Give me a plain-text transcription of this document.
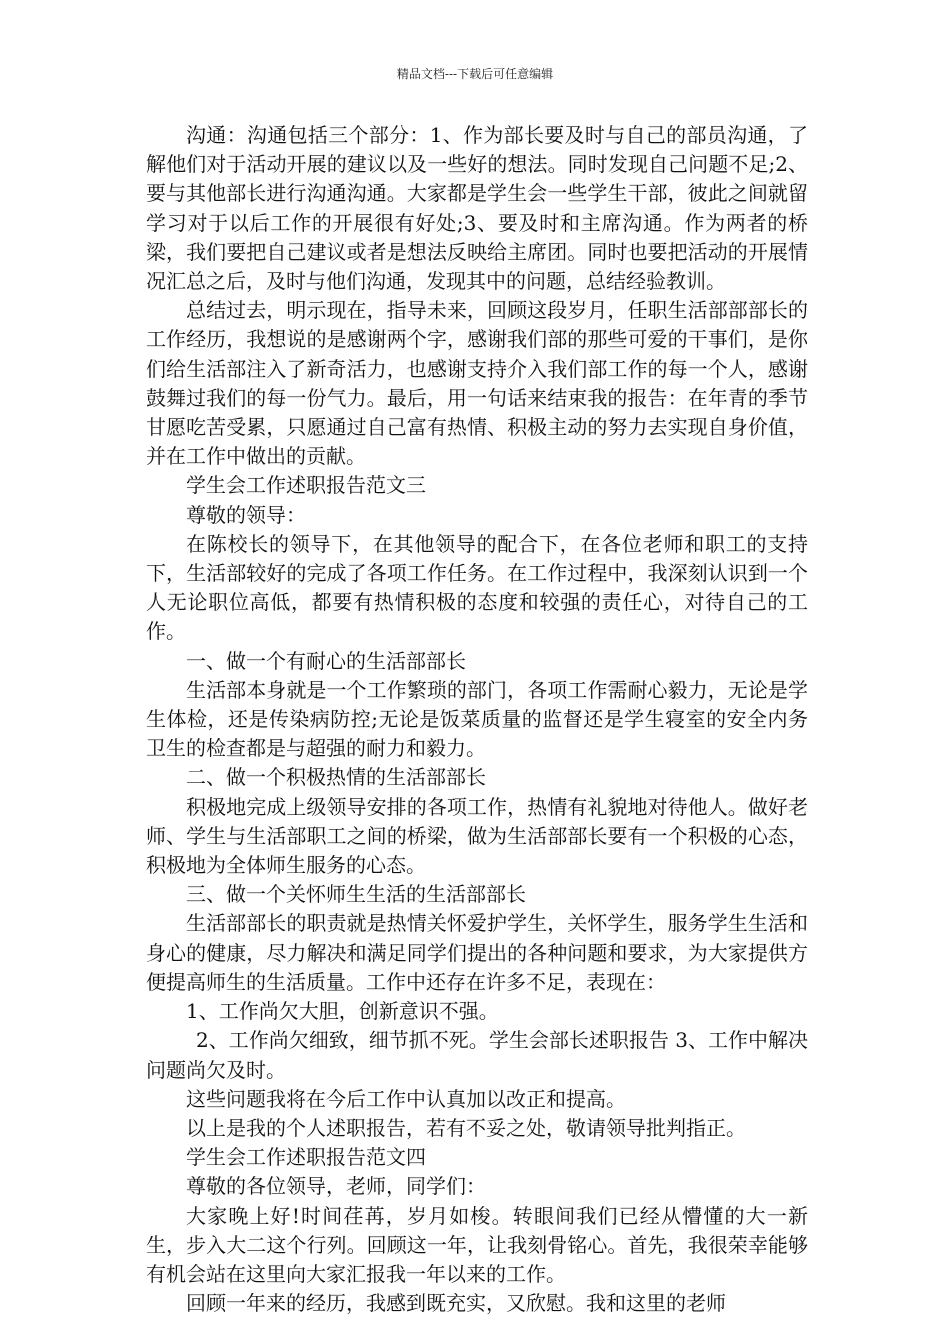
精品文档---下载后可任意编辑

沟通：沟通包括三个部分：1、作为部长要及时与自己的部员沟通，了解他们对于活动开展的建议以及一些好的想法。同时发现自己问题不足;2、要与其他部长进行沟通沟通。大家都是学生会一些学生干部，彼此之间就留学习对于以后工作的开展很有好处;3、要及时和主席沟通。作为两者的桥梁，我们要把自己建议或者是想法反映给主席团。同时也要把活动的开展情况汇总之后，及时与他们沟通，发现其中的问题，总结经验教训。

总结过去，明示现在，指导未来，回顾这段岁月，任职生活部部部长的工作经历，我想说的是感谢两个字，感谢我们部的那些可爱的干事们，是你们给生活部注入了新奇活力，也感谢支持介入我们部工作的每一个人，感谢鼓舞过我们的每一份气力。最后，用一句话来结束我的报告：在年青的季节甘愿吃苦受累，只愿通过自己富有热情、积极主动的努力去实现自身价值，并在工作中做出的贡献。

学生会工作述职报告范文三

尊敬的领导：

在陈校长的领导下，在其他领导的配合下，在各位老师和职工的支持下，生活部较好的完成了各项工作任务。在工作过程中，我深刻认识到一个人无论职位高低，都要有热情积极的态度和较强的责任心，对待自己的工作。

一、做一个有耐心的生活部部长

生活部本身就是一个工作繁琐的部门，各项工作需耐心毅力，无论是学生体检，还是传染病防控;无论是饭菜质量的监督还是学生寝室的安全内务卫生的检查都是与超强的耐力和毅力。

二、做一个积极热情的生活部部长

积极地完成上级领导安排的各项工作，热情有礼貌地对待他人。做好老师、学生与生活部职工之间的桥梁，做为生活部部长要有一个积极的心态，积极地为全体师生服务的心态。

三、做一个关怀师生生活的生活部部长

生活部部长的职责就是热情关怀爱护学生，关怀学生，服务学生生活和身心的健康，尽力解决和满足同学们提出的各种问题和要求，为大家提供方便提高师生的生活质量。工作中还存在许多不足，表现在：

1、工作尚欠大胆，创新意识不强。

2、工作尚欠细致，细节抓不死。学生会部长述职报告 3、工作中解决问题尚欠及时。

这些问题我将在今后工作中认真加以改正和提高。

以上是我的个人述职报告，若有不妥之处，敬请领导批判指正。

学生会工作述职报告范文四

尊敬的各位领导，老师，同学们：

大家晚上好!时间荏苒，岁月如梭。转眼间我们已经从懵懂的大一新生，步入大二这个行列。回顾这一年，让我刻骨铭心。首先，我很荣幸能够有机会站在这里向大家汇报我一年以来的工作。

回顾一年来的经历，我感到既充实，又欣慰。我和这里的老师
